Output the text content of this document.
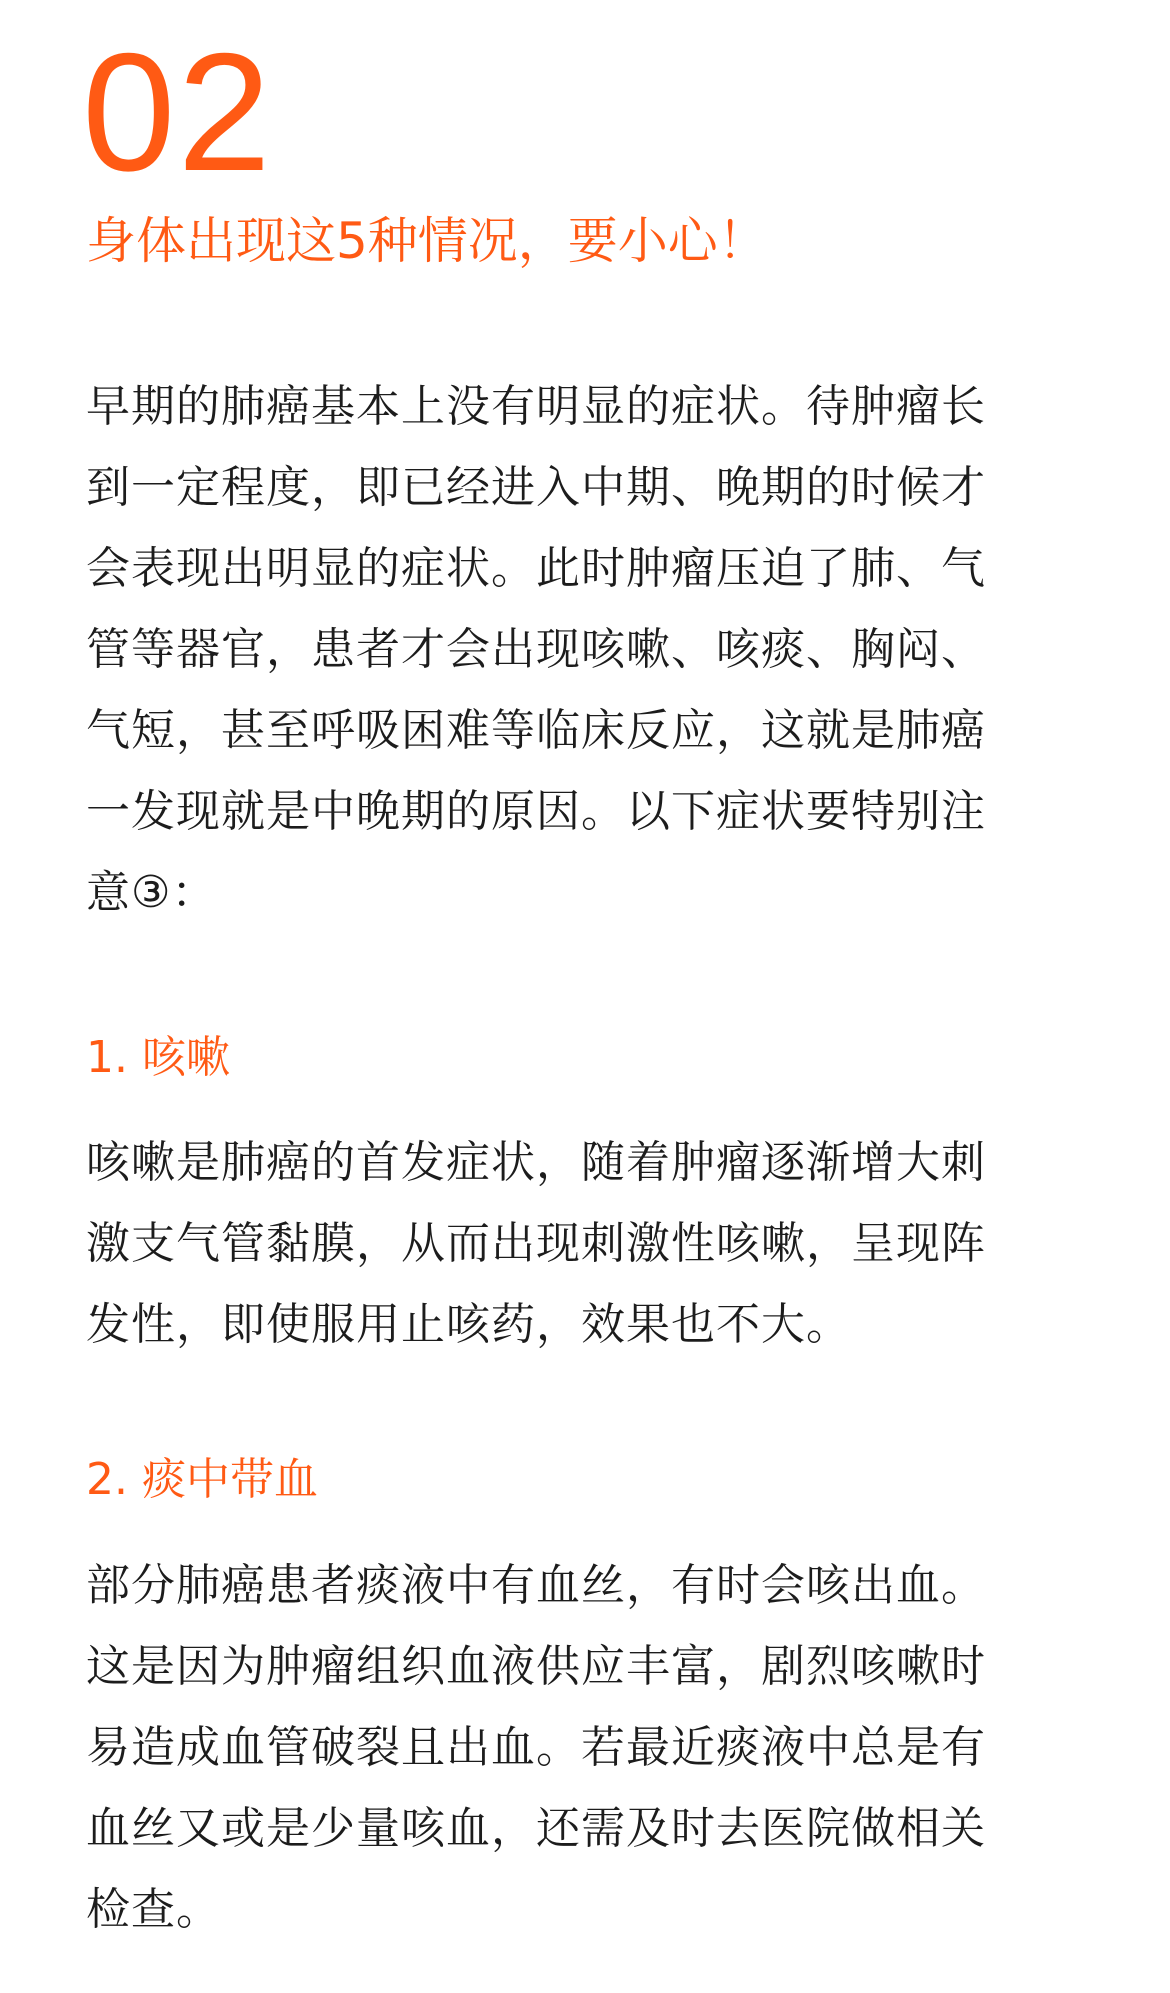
02
身体出现这5种情况，要小心！

早期的肺癌基本上没有明显的症状。待肿瘤长
到一定程度，即已经进入中期、晚期的时候才
会表现出明显的症状。此时肿瘤压迫了肺、气
管等器官，患者才会出现咳嗽、咳痰、胸闷、
气短，甚至呼吸困难等临床反应，这就是肺癌
一发现就是中晚期的原因。以下症状要特别注
意③：

1. 咳嗽

咳嗽是肺癌的首发症状，随着肿瘤逐渐增大刺
激支气管黏膜，从而出现刺激性咳嗽，呈现阵
发性，即使服用止咳药，效果也不大。

2. 痰中带血

部分肺癌患者痰液中有血丝，有时会咳出血。
这是因为肿瘤组织血液供应丰富，剧烈咳嗽时
易造成血管破裂且出血。若最近痰液中总是有
血丝又或是少量咳血，还需及时去医院做相关
检查。
